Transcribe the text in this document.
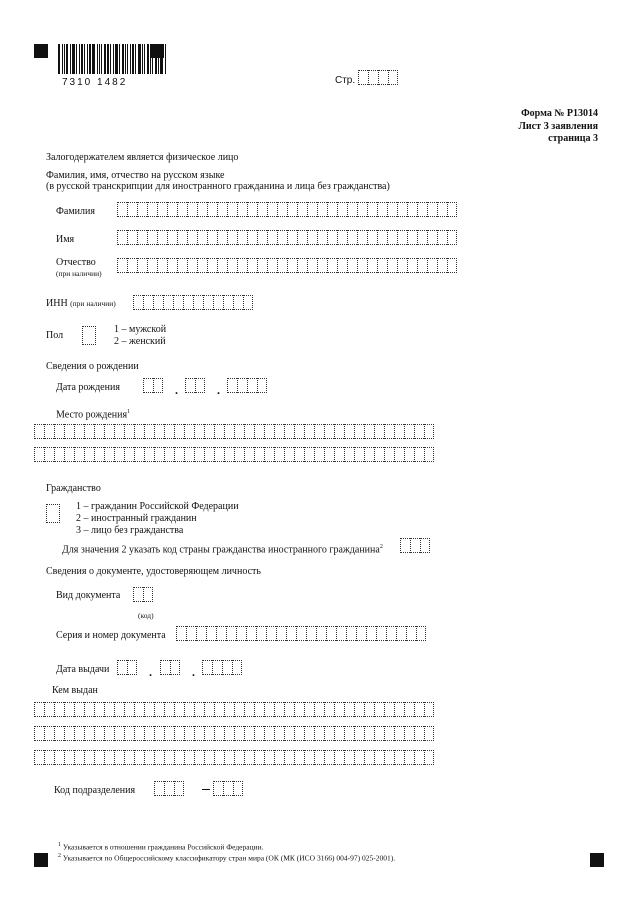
7310 1482	Стр.
Форма № Р13014
Лист З заявления
страница 3
Залогодержателем является физическое лицо
Фамилия, имя, отчество на русском языке
(в русской транскрипции для иностранного гражданина и лица без гражданства)
Фамилия
Имя
Отчество
(при наличии)
ИНН (при наличии)
Пол
1 – мужской
2 – женский
Сведения о рождении
Дата рождения	.	.
Место рождения$^1$
Гражданство
1 – гражданин Российской Федерации
2 – иностранный гражданин
3 – лицо без гражданства
Для значения 2 указать код страны гражданства иностранного гражданина$^2$
Сведения о документе, удостоверяющем личность
Вид документа
(код)
Серия и номер документа
Дата выдачи	.	.
Кем выдан
Код подразделения
$^1$ Указывается в отношении гражданина Российской Федерации.
$^2$ Указывается по Общероссийскому классификатору стран мира (ОК (МК (ИСО 3166) 004-97) 025-2001).
